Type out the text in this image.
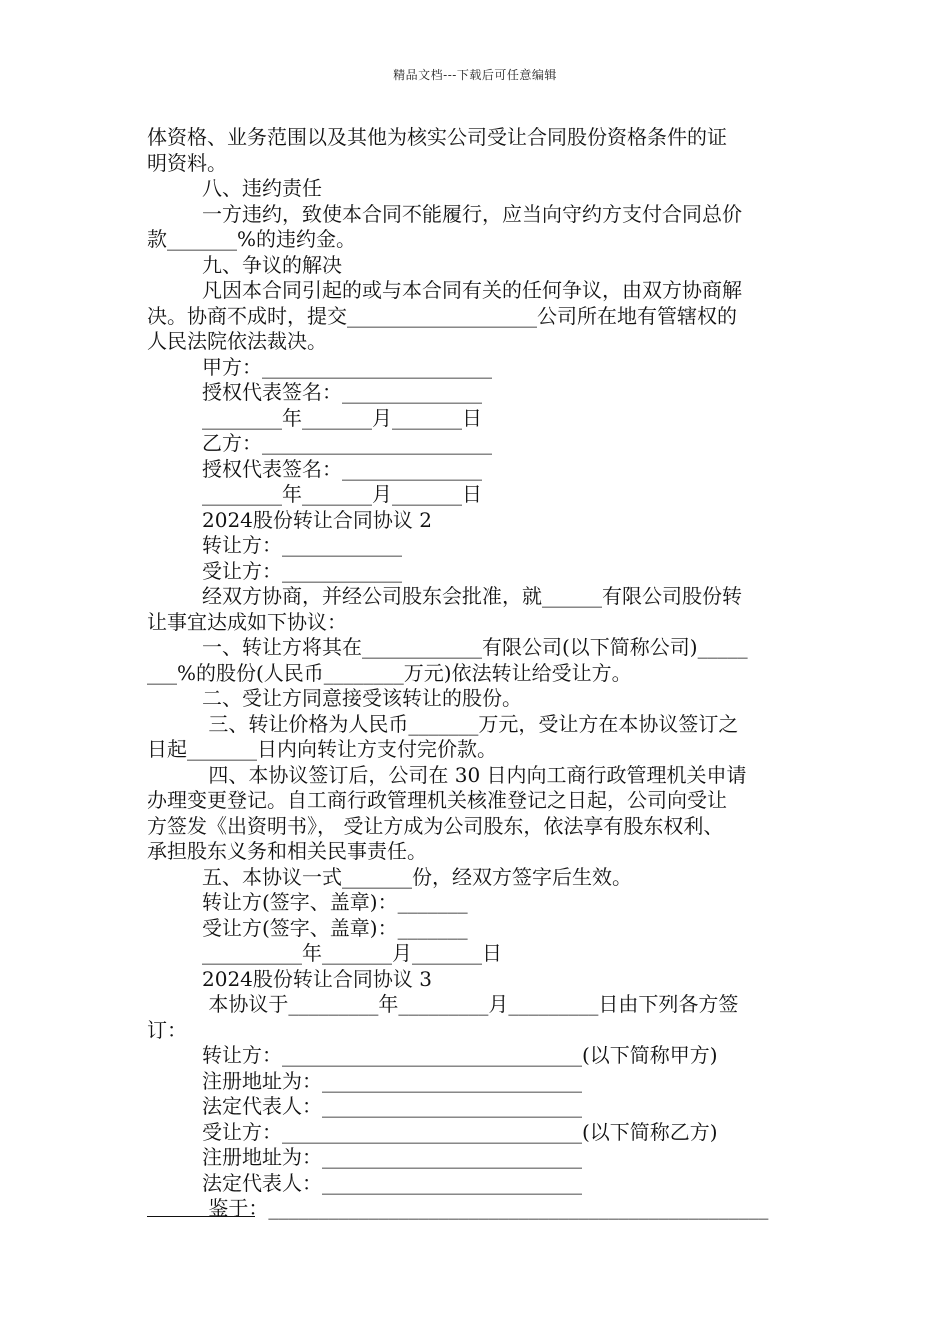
精品文档---下载后可任意编辑
体资格、业务范围以及其他为核实公司受让合同股份资格条件的证
明资料。
八、违约责任
一方违约，致使本合同不能履行，应当向守约方支付合同总价
款_______%的违约金。
九、争议的解决
凡因本合同引起的或与本合同有关的任何争议，由双方协商解
决。协商不成时，提交___________________公司所在地有管辖权的
人民法院依法裁决。
甲方：_______________________
授权代表签名：______________
________年_______月_______日
乙方：_______________________
授权代表签名：______________
________年_______月_______日
2024股份转让合同协议 2
转让方：____________
受让方：____________
经双方协商，并经公司股东会批准，就______有限公司股份转
让事宜达成如下协议：
一、转让方将其在____________有限公司(以下简称公司)_____
___%的股份(人民币________万元)依法转让给受让方。
二、受让方同意接受该转让的股份。
三、转让价格为人民币_______万元，受让方在本协议签订之
日起_______日内向转让方支付完价款。
四、本协议签订后，公司在 30 日内向工商行政管理机关申请
办理变更登记。自工商行政管理机关核准登记之日起，公司向受让
方签发《出资明书》， 受让方成为公司股东，依法享有股东权利、
承担股东义务和相关民事责任。
五、本协议一式_______份，经双方签字后生效。
转让方(签字、盖章)：_______
受让方(签字、盖章)：_______
__________年_______月_______日
2024股份转让合同协议 3
本协议于_________年_________月_________日由下列各方签
订：
转让方：______________________________(以下简称甲方)
注册地址为：__________________________
法定代表人：__________________________
受让方：______________________________(以下简称乙方)
注册地址为：__________________________
法定代表人：__________________________
鉴于：__________________________________________________
